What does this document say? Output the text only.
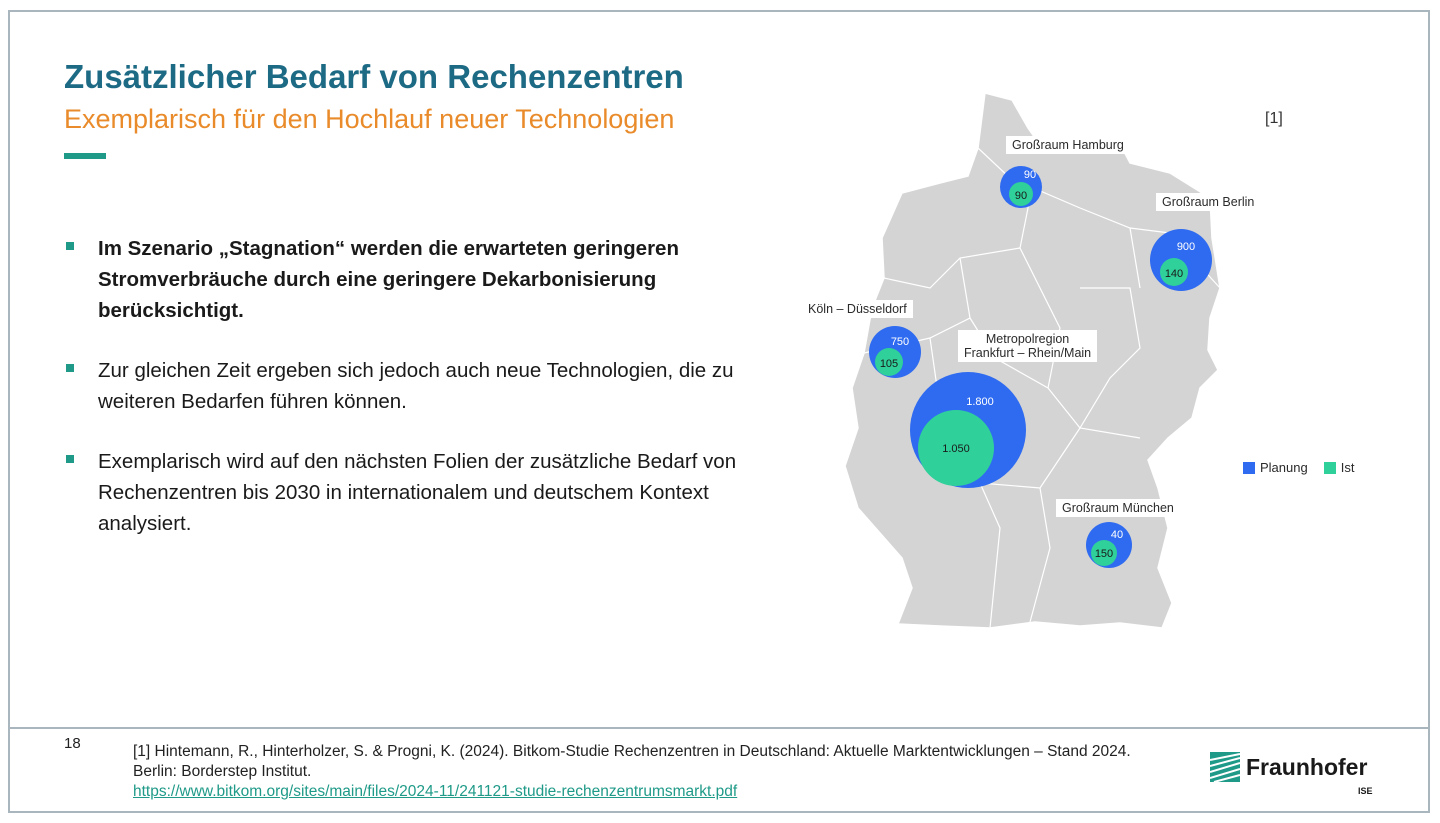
Zusätzlicher Bedarf von Rechenzentren
Exemplarisch für den Hochlauf neuer Technologien
Im Szenario „Stagnation“ werden die erwarteten geringeren Stromverbräuche durch eine geringere Dekarbonisierung berücksichtigt.
Zur gleichen Zeit ergeben sich jedoch auch neue Technologien, die zu weiteren Bedarfen führen können.
Exemplarisch wird auf den nächsten Folien der zusätzliche Bedarf von Rechenzentren bis 2030 in internationalem und deutschem Kontext analysiert.
[1]
90
90
900
140
750
105
1.800
1.050
40
150
Großraum Hamburg
Großraum Berlin
Köln – Düsseldorf
Metropolregion
Frankfurt – Rhein/Main
Großraum München
Planung	Ist
18	[1] Hintemann, R., Hinterholzer, S. & Progni, K. (2024). Bitkom-Studie Rechenzentren in Deutschland: Aktuelle Marktentwicklungen – Stand 2024. Berlin: Borderstep Institut.
https://www.bitkom.org/sites/main/files/2024-11/241121-studie-rechenzentrumsmarkt.pdf
Fraunhofer
ISE
